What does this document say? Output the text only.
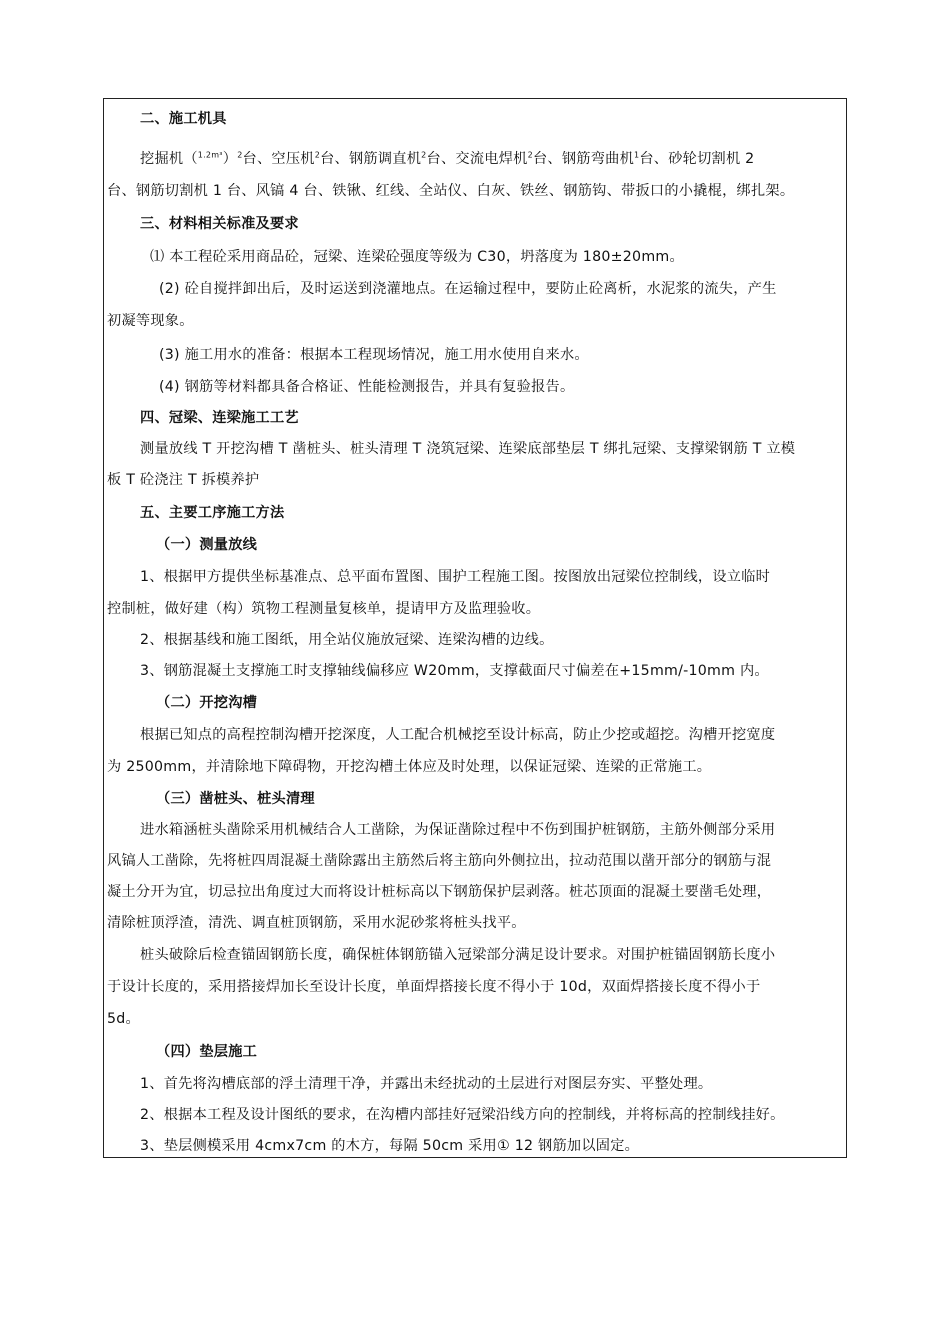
二、施工机具
挖掘机$(^{1.2m^3})^2$台、空压机$^2$台、钢筋调直机$^2$台、交流电焊机$^2$台、钢筋弯曲机$^1$台、砂轮切割机 2
台、钢筋切割机 1 台、风镐 4 台、铁锹、红线、全站仪、白灰、铁丝、钢筋钩、带扳口的小撬棍，绑扎架。
三、材料相关标准及要求
⑴ 本工程砼采用商品砼，冠梁、连梁砼强度等级为 C30，坍落度为 180±20mm。
(2) 砼自搅拌卸出后，及时运送到浇灌地点。在运输过程中，要防止砼离析，水泥浆的流失，产生
初凝等现象。
(3) 施工用水的准备：根据本工程现场情况，施工用水使用自来水。
(4) 钢筋等材料都具备合格证、性能检测报告，并具有复验报告。
四、冠梁、连梁施工工艺
测量放线 T 开挖沟槽 T 凿桩头、桩头清理 T 浇筑冠梁、连梁底部垫层 T 绑扎冠梁、支撑梁钢筋 T 立模
板 T 砼浇注 T 拆模养护
五、主要工序施工方法
（一）测量放线
1、根据甲方提供坐标基准点、总平面布置图、围护工程施工图。按图放出冠梁位控制线，设立临时
控制桩，做好建（构）筑物工程测量复核单，提请甲方及监理验收。
2、根据基线和施工图纸，用全站仪施放冠梁、连梁沟槽的边线。
3、钢筋混凝土支撑施工时支撑轴线偏移应 W20mm，支撑截面尺寸偏差在+15mm/-10mm 内。
（二）开挖沟槽
根据已知点的高程控制沟槽开挖深度，人工配合机械挖至设计标高，防止少挖或超挖。沟槽开挖宽度
为 2500mm，并清除地下障碍物，开挖沟槽土体应及时处理，以保证冠梁、连梁的正常施工。
（三）凿桩头、桩头清理
进水箱涵桩头凿除采用机械结合人工凿除，为保证凿除过程中不伤到围护桩钢筋，主筋外侧部分采用
风镐人工凿除，先将桩四周混凝土凿除露出主筋然后将主筋向外侧拉出，拉动范围以凿开部分的钢筋与混
凝土分开为宜，切忌拉出角度过大而将设计桩标高以下钢筋保护层剥落。桩芯顶面的混凝土要凿毛处理，
清除桩顶浮渣，清洗、调直桩顶钢筋，采用水泥砂浆将桩头找平。
桩头破除后检查锚固钢筋长度，确保桩体钢筋锚入冠梁部分满足设计要求。对围护桩锚固钢筋长度小
于设计长度的，采用搭接焊加长至设计长度，单面焊搭接长度不得小于 10d，双面焊搭接长度不得小于
5d。
（四）垫层施工
1、首先将沟槽底部的浮土清理干净，并露出未经扰动的土层进行对图层夯实、平整处理。
2、根据本工程及设计图纸的要求，在沟槽内部挂好冠梁沿线方向的控制线，并将标高的控制线挂好。
3、垫层侧模采用 4cmx7cm 的木方，每隔 50cm 采用① 12 钢筋加以固定。
